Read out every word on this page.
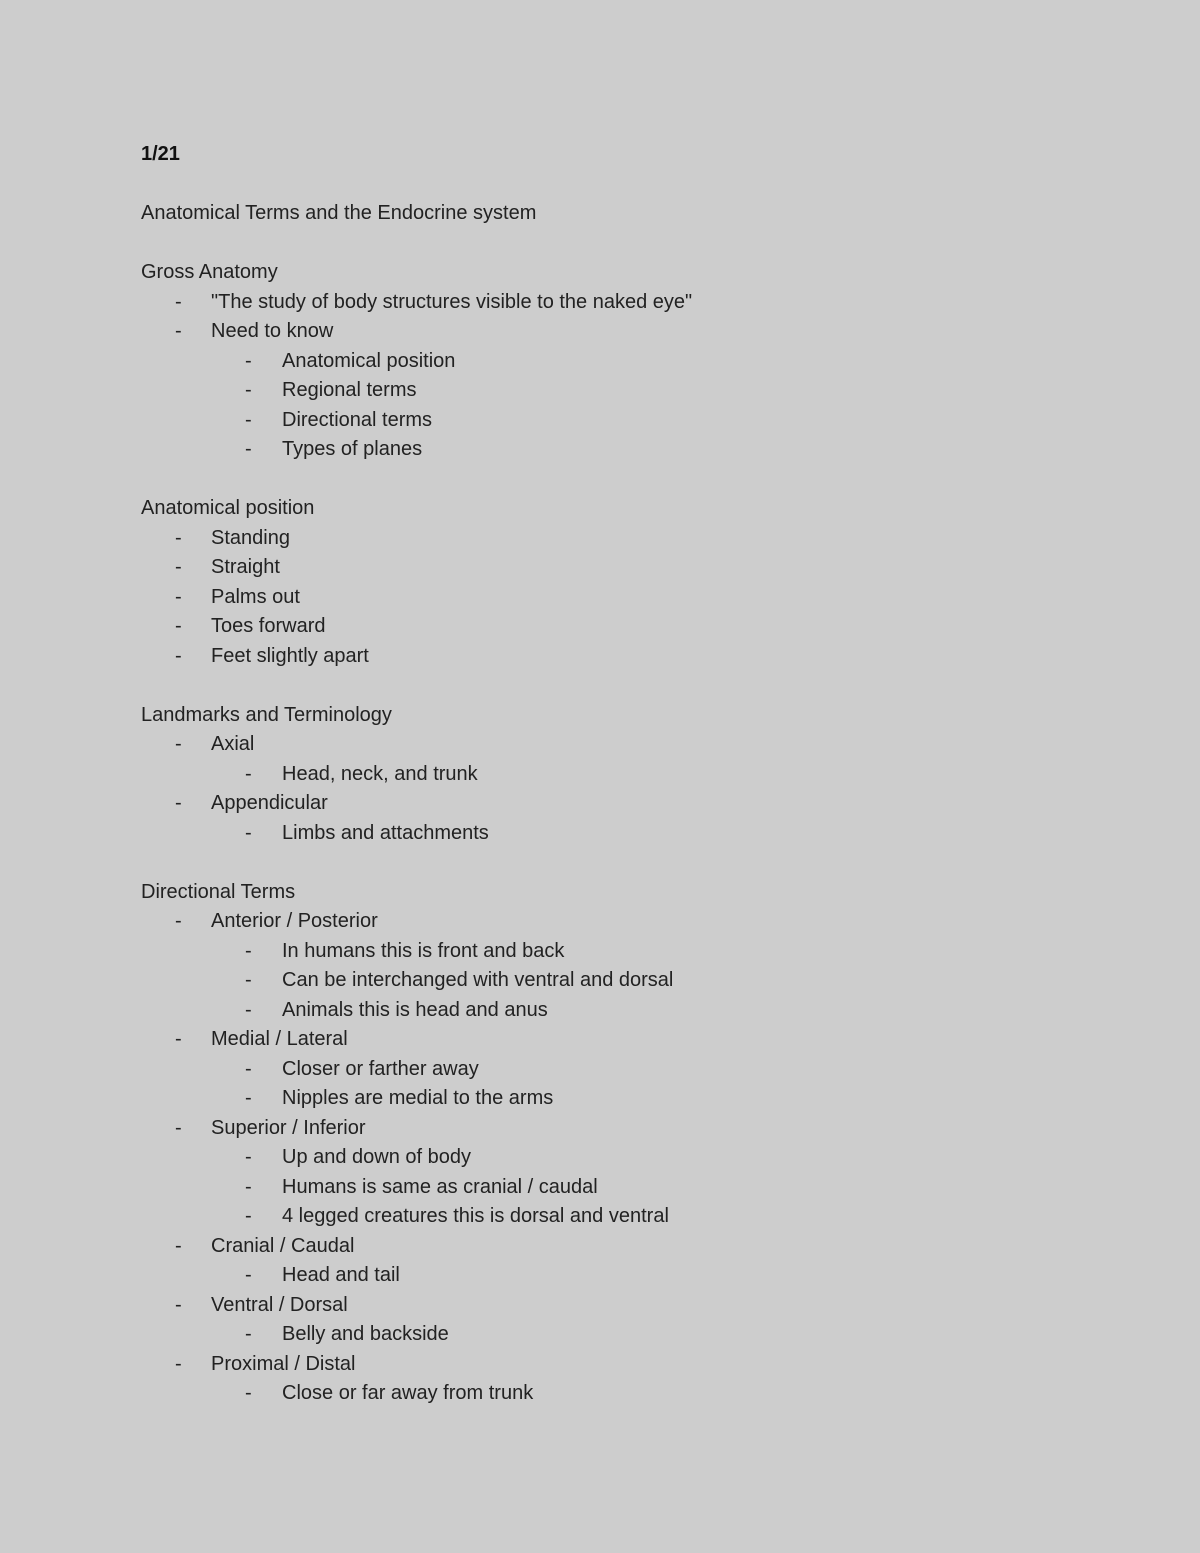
1/21
Anatomical Terms and the Endocrine system
Gross Anatomy
- "The study of body structures visible to the naked eye"
- Need to know
- Anatomical position
- Regional terms
- Directional terms
- Types of planes
Anatomical position
- Standing
- Straight
- Palms out
- Toes forward
- Feet slightly apart
Landmarks and Terminology
- Axial
- Head, neck, and trunk
- Appendicular
- Limbs and attachments
Directional Terms
- Anterior / Posterior
- In humans this is front and back
- Can be interchanged with ventral and dorsal
- Animals this is head and anus
- Medial / Lateral
- Closer or farther away
- Nipples are medial to the arms
- Superior / Inferior
- Up and down of body
- Humans is same as cranial / caudal
- 4 legged creatures this is dorsal and ventral
- Cranial / Caudal
- Head and tail
- Ventral / Dorsal
- Belly and backside
- Proximal / Distal
- Close or far away from trunk
